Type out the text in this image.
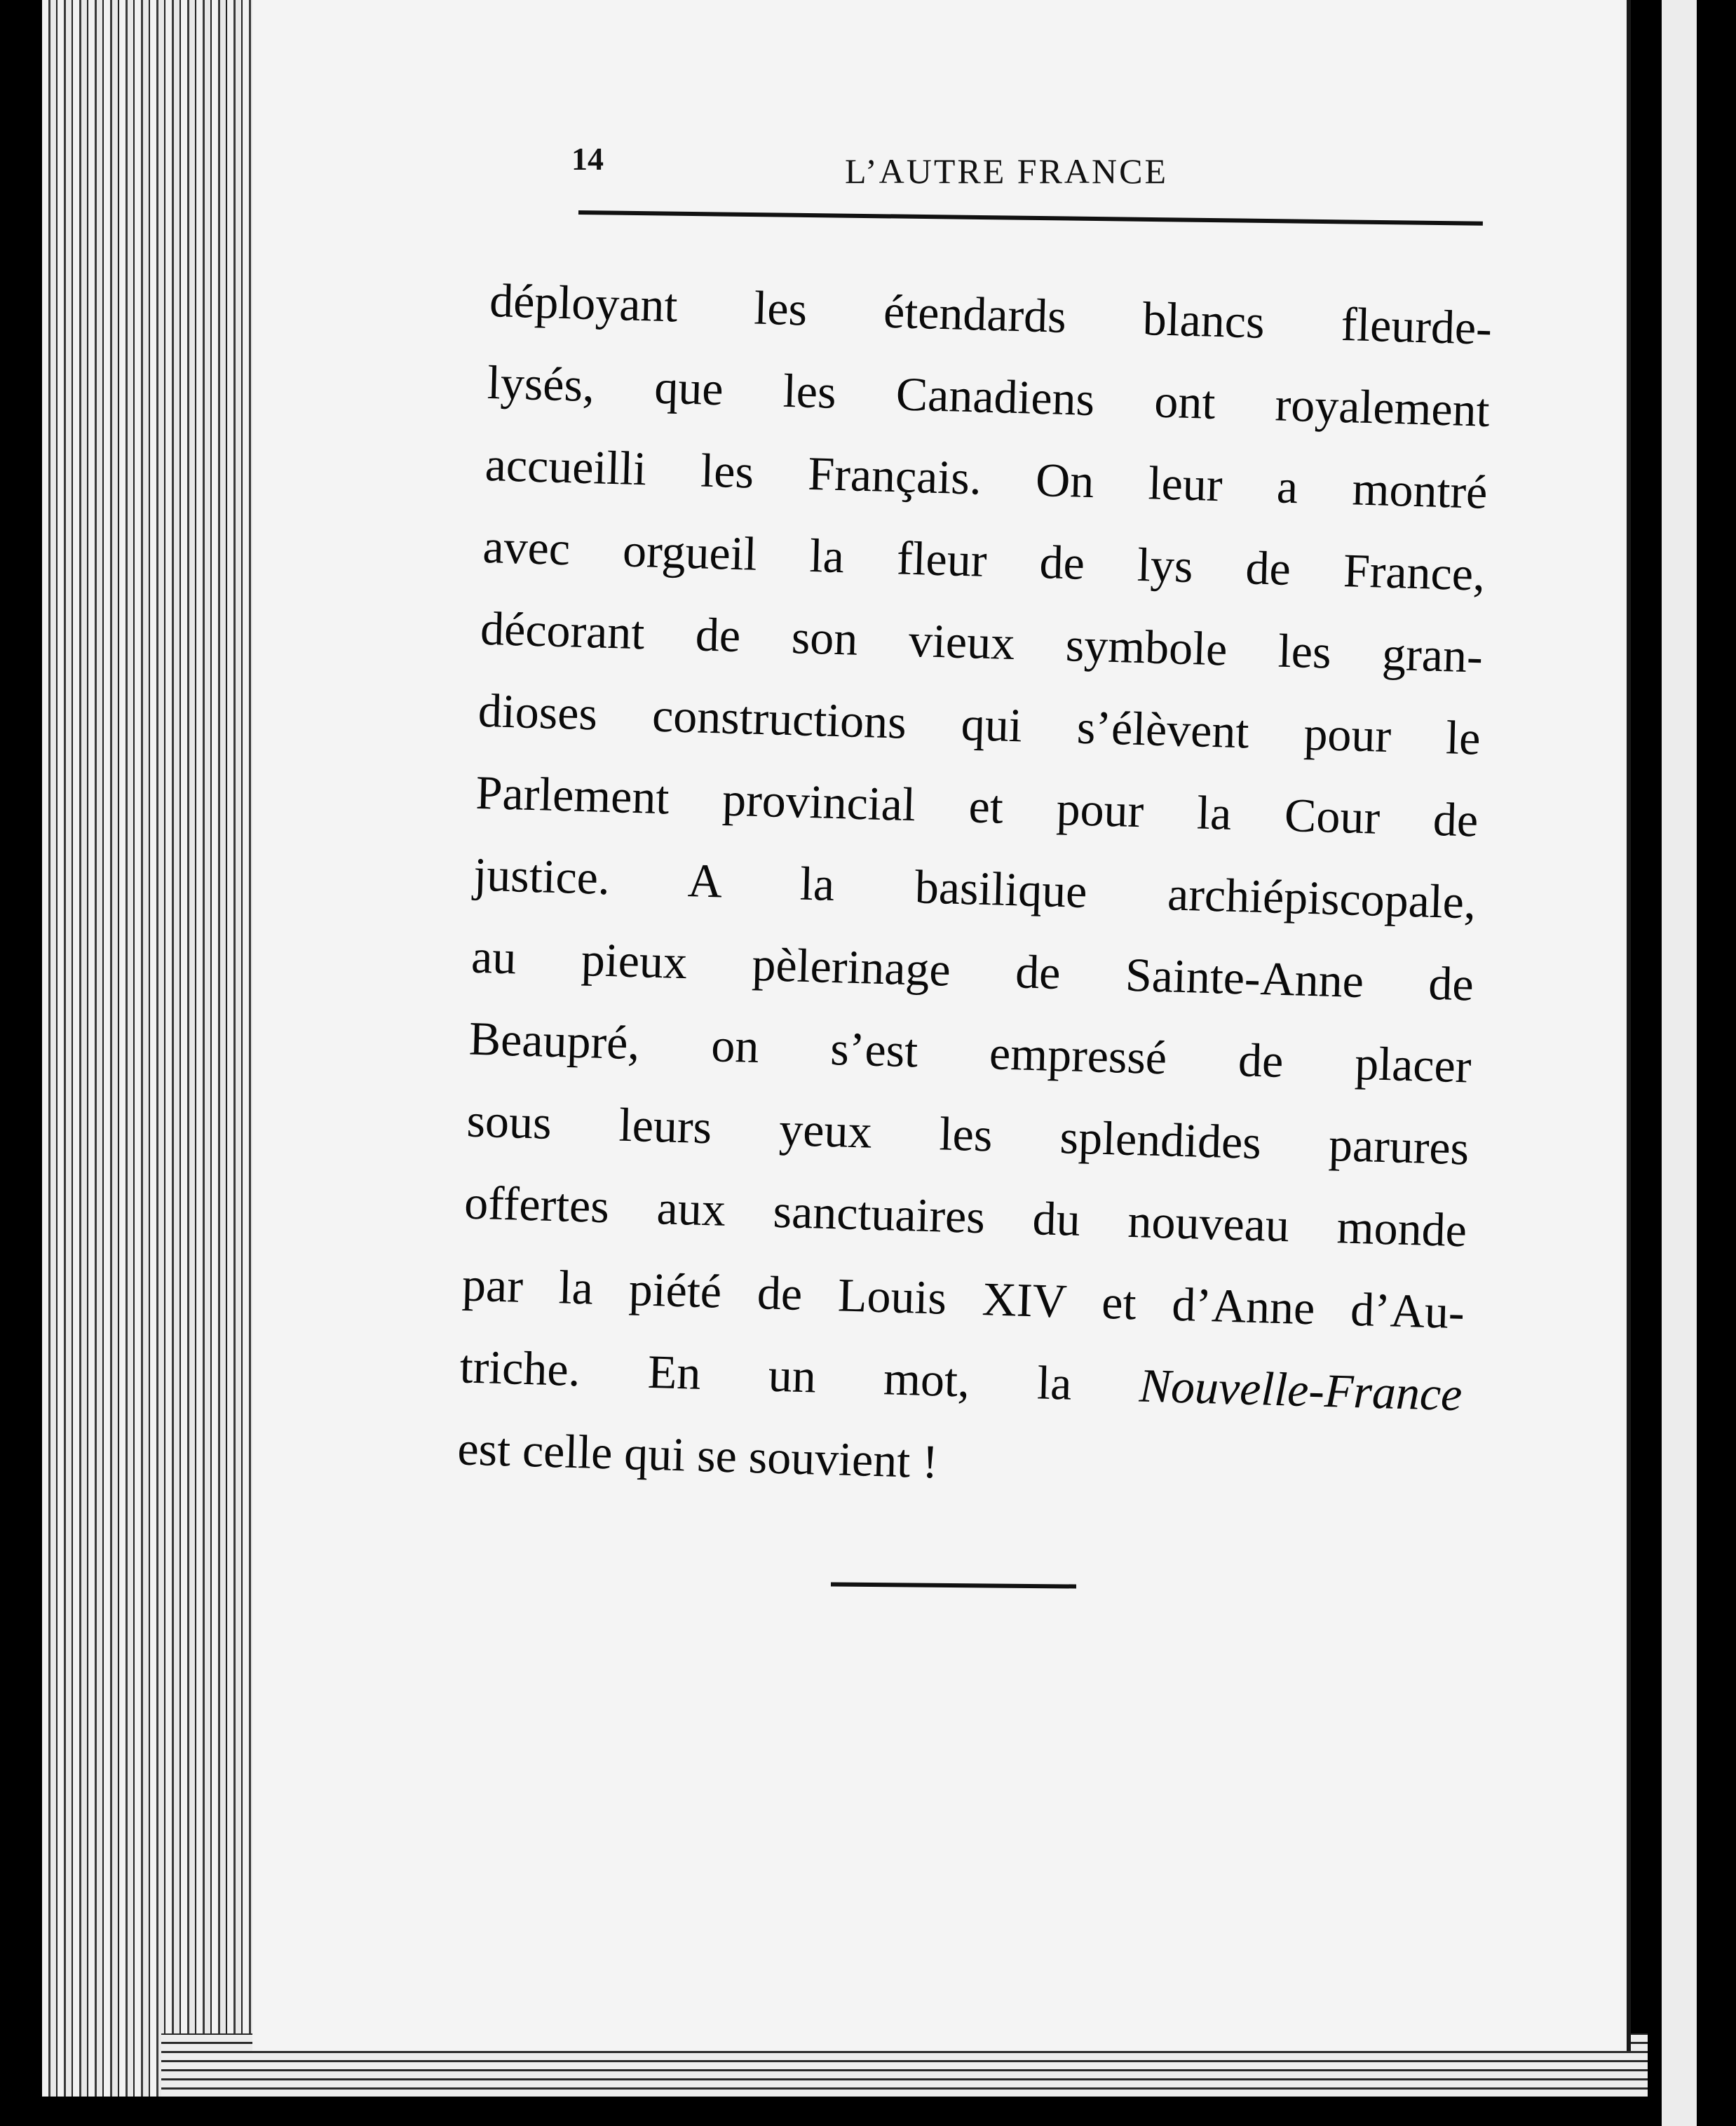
14	L’AUTRE FRANCE
déployant les étendards blancs fleurde-
lysés, que les Canadiens ont royalement
accueilli les Français. On leur a montré
avec orgueil la fleur de lys de France,
décorant de son vieux symbole les gran-
dioses constructions qui s’élèvent pour le
Parlement provincial et pour la Cour de
justice. A la basilique archiépiscopale,
au pieux pèlerinage de Sainte-Anne de
Beaupré, on s’est empressé de placer
sous leurs yeux les splendides parures
offertes aux sanctuaires du nouveau monde
par la piété de Louis XIV et d’Anne d’Au-
triche. En un mot, la Nouvelle-France
est celle qui se souvient !
